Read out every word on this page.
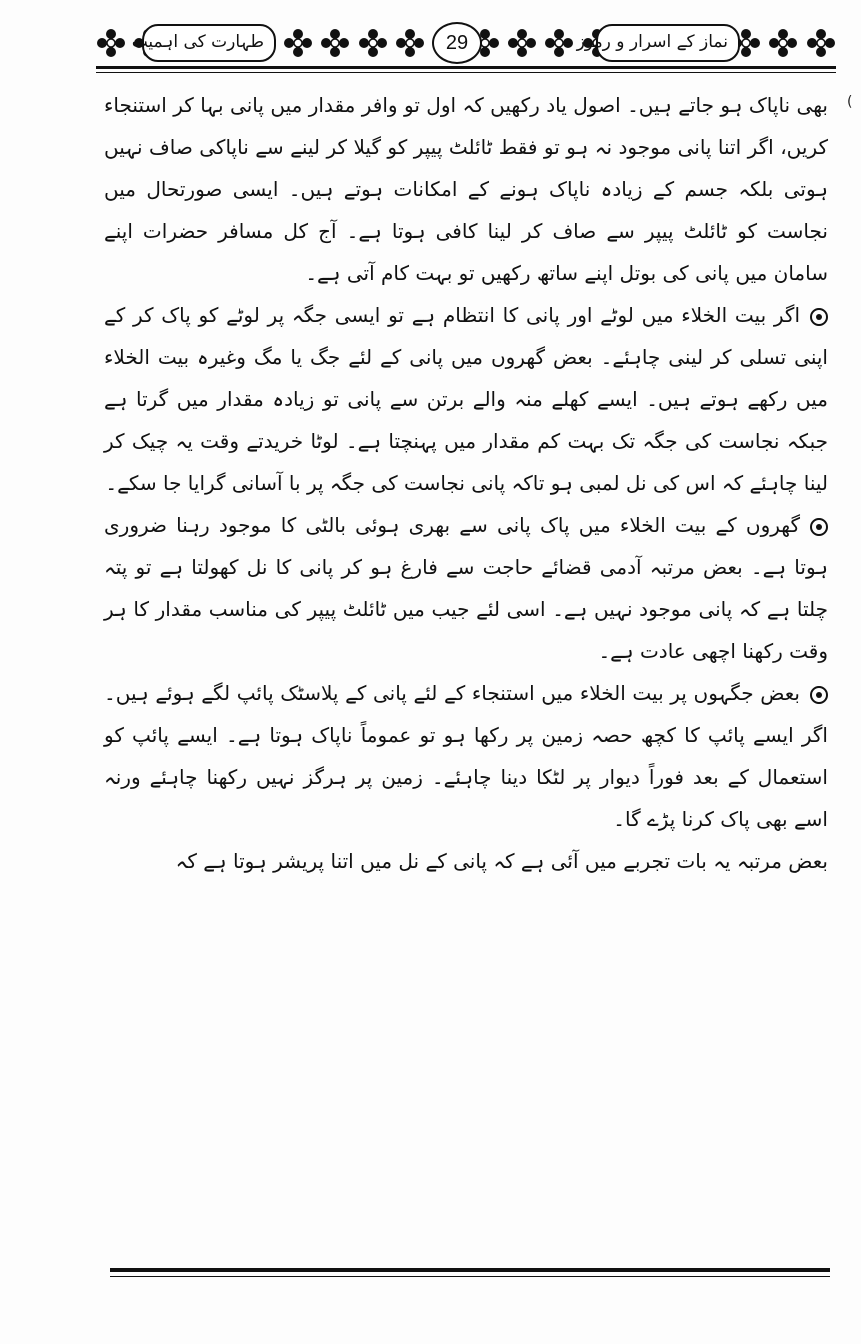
طہارت کی اہمیت	29	نماز کے اسرار و رموز
(

بھی ناپاک ہو جاتے ہیں۔ اصول یاد رکھیں کہ اول تو وافر مقدار میں پانی بہا کر استنجاء کریں، اگر اتنا پانی موجود نہ ہو تو فقط ٹائلٹ پیپر کو گیلا کر لینے سے ناپاکی صاف نہیں ہوتی بلکہ جسم کے زیادہ ناپاک ہونے کے امکانات ہوتے ہیں۔ ایسی صورتحال میں نجاست کو ٹائلٹ پیپر سے صاف کر لینا کافی ہوتا ہے۔ آج کل مسافر حضرات اپنے سامان میں پانی کی بوتل اپنے ساتھ رکھیں تو بہت کام آتی ہے۔

اگر بیت الخلاء میں لوٹے اور پانی کا انتظام ہے تو ایسی جگہ پر لوٹے کو پاک کر کے اپنی تسلی کر لینی چاہئے۔ بعض گھروں میں پانی کے لئے جگ یا مگ وغیرہ بیت الخلاء میں رکھے ہوتے ہیں۔ ایسے کھلے منہ والے برتن سے پانی تو زیادہ مقدار میں گرتا ہے جبکہ نجاست کی جگہ تک بہت کم مقدار میں پہنچتا ہے۔ لوٹا خریدتے وقت یہ چیک کر لینا چاہئے کہ اس کی نل لمبی ہو تاکہ پانی نجاست کی جگہ پر با آسانی گرایا جا سکے۔

گھروں کے بیت الخلاء میں پاک پانی سے بھری ہوئی بالٹی کا موجود رہنا ضروری ہوتا ہے۔ بعض مرتبہ آدمی قضائے حاجت سے فارغ ہو کر پانی کا نل کھولتا ہے تو پتہ چلتا ہے کہ پانی موجود نہیں ہے۔ اسی لئے جیب میں ٹائلٹ پیپر کی مناسب مقدار کا ہر وقت رکھنا اچھی عادت ہے۔

بعض جگہوں پر بیت الخلاء میں استنجاء کے لئے پانی کے پلاسٹک پائپ لگے ہوئے ہیں۔ اگر ایسے پائپ کا کچھ حصہ زمین پر رکھا ہو تو عموماً ناپاک ہوتا ہے۔ ایسے پائپ کو استعمال کے بعد فوراً دیوار پر لٹکا دینا چاہئے۔ زمین پر ہرگز نہیں رکھنا چاہئے ورنہ اسے بھی پاک کرنا پڑے گا۔

بعض مرتبہ یہ بات تجربے میں آئی ہے کہ پانی کے نل میں اتنا پریشر ہوتا ہے کہ
